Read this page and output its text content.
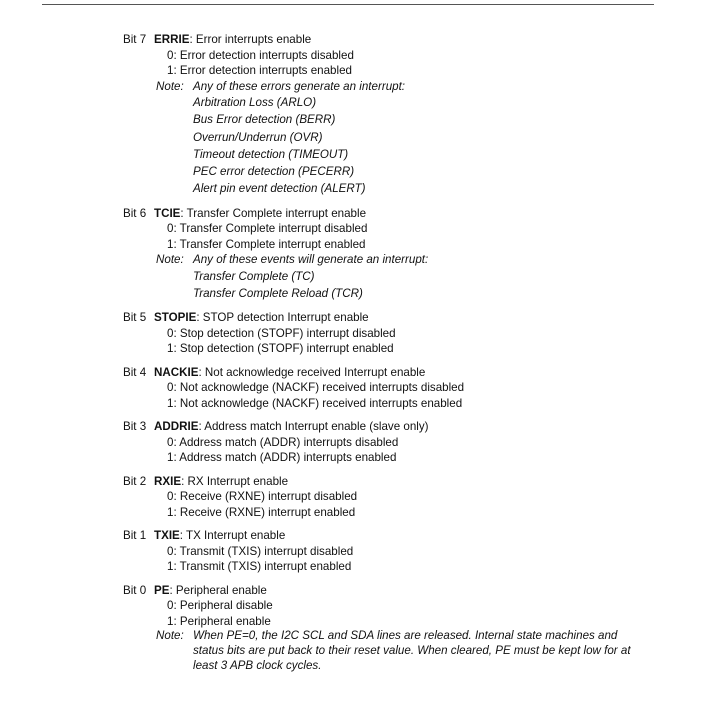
Bit 7 ERRIE: Error interrupts enable
0: Error detection interrupts disabled
1: Error detection interrupts enabled
Note: Any of these errors generate an interrupt:
Arbitration Loss (ARLO)
Bus Error detection (BERR)
Overrun/Underrun (OVR)
Timeout detection (TIMEOUT)
PEC error detection (PECERR)
Alert pin event detection (ALERT)
Bit 6 TCIE: Transfer Complete interrupt enable
0: Transfer Complete interrupt disabled
1: Transfer Complete interrupt enabled
Note: Any of these events will generate an interrupt:
Transfer Complete (TC)
Transfer Complete Reload (TCR)
Bit 5 STOPIE: STOP detection Interrupt enable
0: Stop detection (STOPF) interrupt disabled
1: Stop detection (STOPF) interrupt enabled
Bit 4 NACKIE: Not acknowledge received Interrupt enable
0: Not acknowledge (NACKF) received interrupts disabled
1: Not acknowledge (NACKF) received interrupts enabled
Bit 3 ADDRIE: Address match Interrupt enable (slave only)
0: Address match (ADDR) interrupts disabled
1: Address match (ADDR) interrupts enabled
Bit 2 RXIE: RX Interrupt enable
0: Receive (RXNE) interrupt disabled
1: Receive (RXNE) interrupt enabled
Bit 1 TXIE: TX Interrupt enable
0: Transmit (TXIS) interrupt disabled
1: Transmit (TXIS) interrupt enabled
Bit 0 PE: Peripheral enable
0: Peripheral disable
1: Peripheral enable
Note: When PE=0, the I2C SCL and SDA lines are released. Internal state machines and status bits are put back to their reset value. When cleared, PE must be kept low for at least 3 APB clock cycles.
